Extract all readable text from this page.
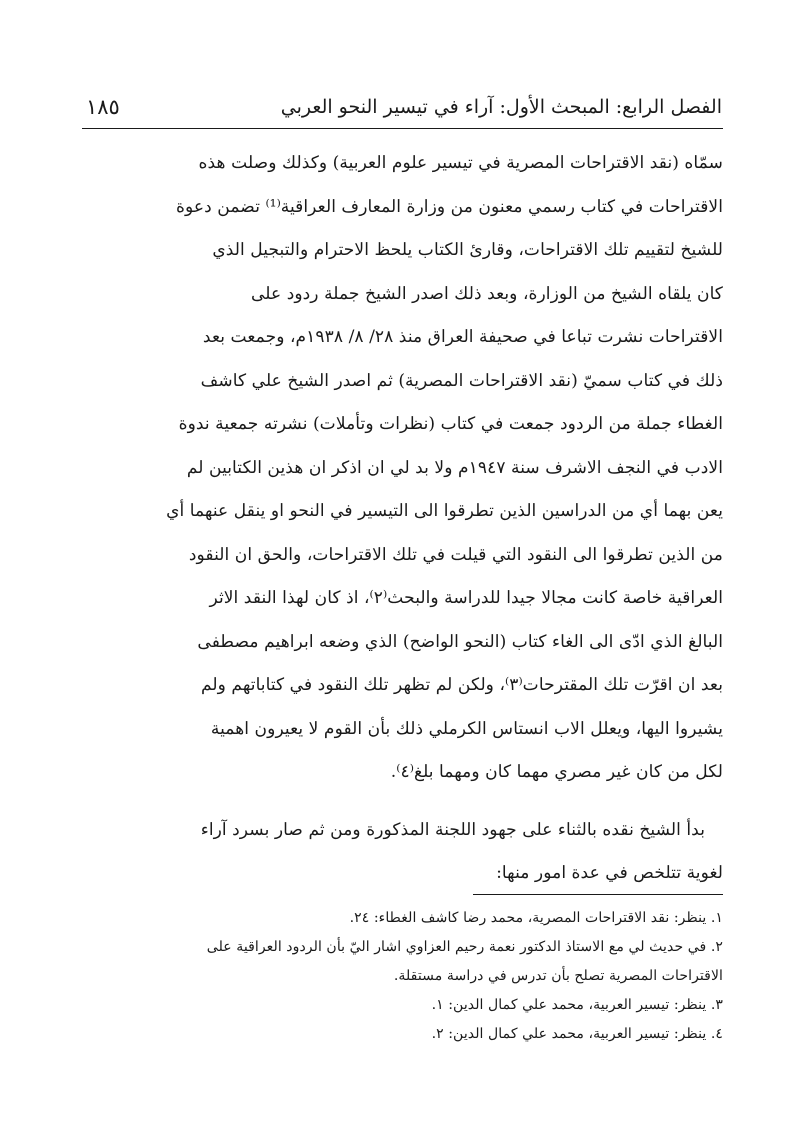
الفصل الرابع: المبحث الأول: آراء في تيسير النحو العربي
١٨٥
سمّاه (نقد الاقتراحات المصرية في تيسير علوم العربية) وكذلك وصلت هذه
الاقتراحات في كتاب رسمي معنون من وزارة المعارف العراقية⁽¹⁾ تضمن دعوة
للشيخ لتقييم تلك الاقتراحات، وقارئ الكتاب يلحظ الاحترام والتبجيل الذي
كان يلقاه الشيخ من الوزارة، وبعد ذلك اصدر الشيخ جملة ردود على
الاقتراحات نشرت تباعا في صحيفة العراق منذ ٢٨/ ٨/ ١٩٣٨م، وجمعت بعد
ذلك في كتاب سميّ (نقد الاقتراحات المصرية) ثم اصدر الشيخ علي كاشف
الغطاء جملة من الردود جمعت في كتاب (نظرات وتأملات) نشرته جمعية ندوة
الادب في النجف الاشرف سنة ١٩٤٧م ولا بد لي ان اذكر ان هذين الكتابين لم
يعن بهما أي من الدراسين الذين تطرقوا الى التيسير في النحو او ينقل عنهما أي
من الذين تطرقوا الى النقود التي قيلت في تلك الاقتراحات، والحق ان النقود
العراقية خاصة كانت مجالا جيدا للدراسة والبحث⁽٢⁾، اذ كان لهذا النقد الاثر
البالغ الذي ادّى الى الغاء كتاب (النحو الواضح) الذي وضعه ابراهيم مصطفى
بعد ان اقرّت تلك المقترحات⁽٣⁾، ولكن لم تظهر تلك النقود في كتاباتهم ولم
يشيروا اليها، ويعلل الاب انستاس الكرملي ذلك بأن القوم لا يعيرون اهمية
لكل من كان غير مصري مهما كان ومهما بلغ⁽٤⁾.
بدأ الشيخ نقده بالثناء على جهود اللجنة المذكورة ومن ثم صار بسرد آراء
لغوية تتلخص في عدة امور منها:
١. ينظر: نقد الاقتراحات المصرية، محمد رضا كاشف الغطاء: ٢٤.
٢. في حديث لي مع الاستاذ الدكتور نعمة رحيم العزاوي اشار اليّ بأن الردود العراقية على
الاقتراحات المصرية تصلح بأن تدرس في دراسة مستقلة.
٣. ينظر: تيسير العربية، محمد علي كمال الدين: ١.
٤. ينظر: تيسير العربية، محمد علي كمال الدين: ٢.
